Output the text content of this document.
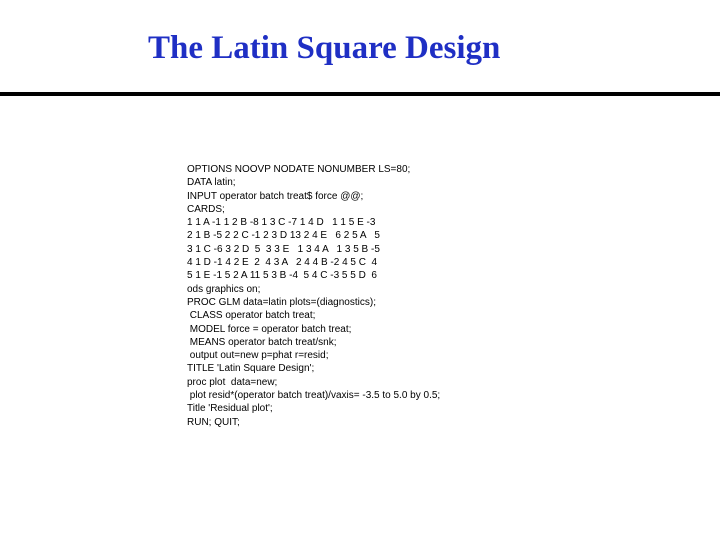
The Latin Square Design
OPTIONS NOOVP NODATE NONUMBER LS=80;
DATA latin;
INPUT operator batch treat$ force @@;
CARDS;
1 1 A -1 1 2 B -8 1 3 C -7 1 4 D   1 1 5 E -3
2 1 B -5 2 2 C -1 2 3 D 13 2 4 E   6 2 5 A   5
3 1 C -6 3 2 D  5  3 3 E   1 3 4 A   1 3 5 B -5
4 1 D -1 4 2 E  2  4 3 A   2 4 4 B -2 4 5 C  4
5 1 E -1 5 2 A 11 5 3 B -4  5 4 C -3 5 5 D  6
ods graphics on;
PROC GLM data=latin plots=(diagnostics);
CLASS operator batch treat;
MODEL force = operator batch treat;
MEANS operator batch treat/snk;
output out=new p=phat r=resid;
TITLE 'Latin Square Design';
proc plot  data=new;
plot resid*(operator batch treat)/vaxis= -3.5 to 5.0 by 0.5;
Title 'Residual plot';
RUN; QUIT;
